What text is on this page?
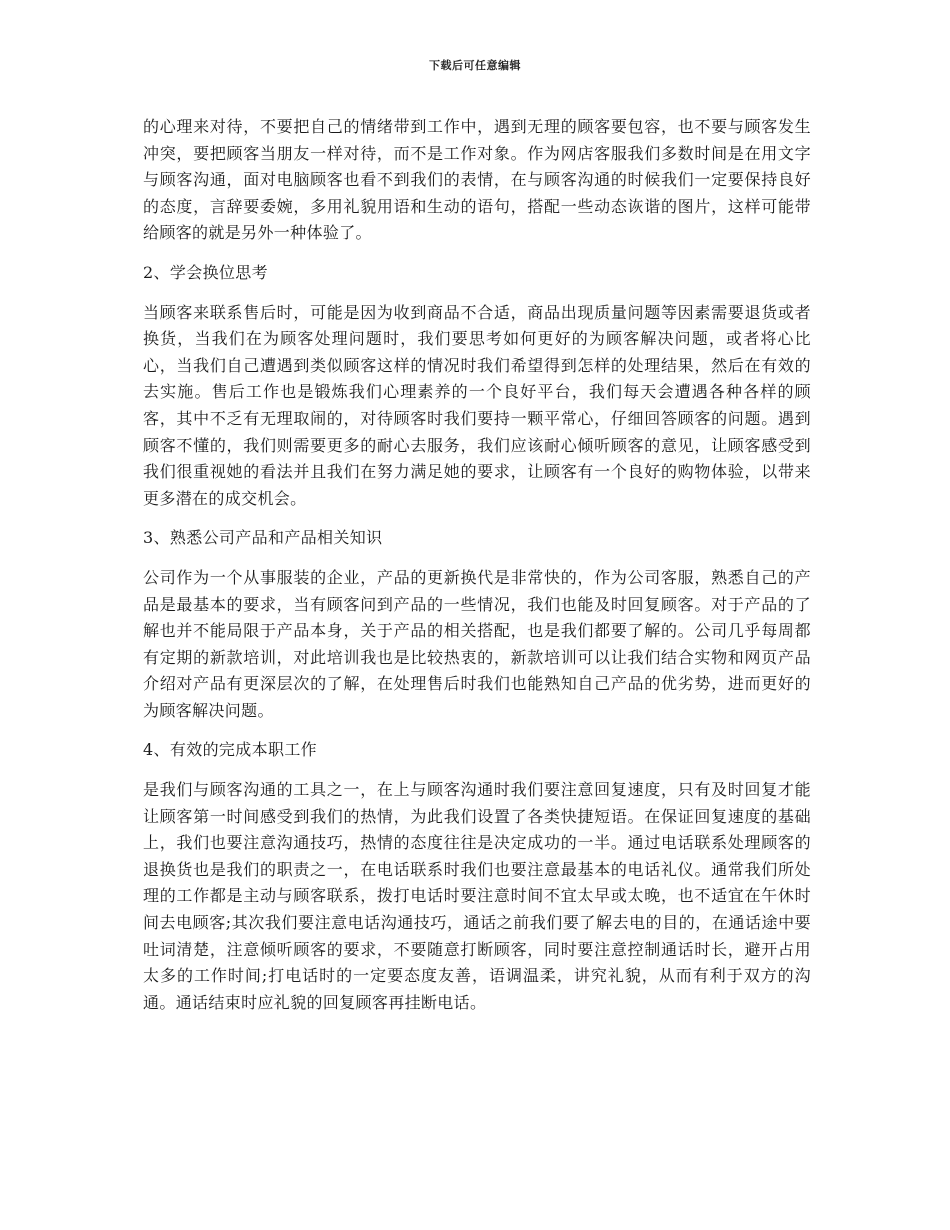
下载后可任意编辑

的心理来对待，不要把自己的情绪带到工作中，遇到无理的顾客要包容，也不要与顾客发生冲突，要把顾客当朋友一样对待，而不是工作对象。作为网店客服我们多数时间是在用文字与顾客沟通，面对电脑顾客也看不到我们的表情，在与顾客沟通的时候我们一定要保持良好的态度，言辞要委婉，多用礼貌用语和生动的语句，搭配一些动态诙谐的图片，这样可能带给顾客的就是另外一种体验了。

2、学会换位思考

当顾客来联系售后时，可能是因为收到商品不合适，商品出现质量问题等因素需要退货或者换货，当我们在为顾客处理问题时，我们要思考如何更好的为顾客解决问题，或者将心比心，当我们自己遭遇到类似顾客这样的情况时我们希望得到怎样的处理结果，然后在有效的去实施。售后工作也是锻炼我们心理素养的一个良好平台，我们每天会遭遇各种各样的顾客，其中不乏有无理取闹的，对待顾客时我们要持一颗平常心，仔细回答顾客的问题。遇到顾客不懂的，我们则需要更多的耐心去服务，我们应该耐心倾听顾客的意见，让顾客感受到我们很重视她的看法并且我们在努力满足她的要求，让顾客有一个良好的购物体验，以带来更多潜在的成交机会。

3、熟悉公司产品和产品相关知识

公司作为一个从事服装的企业，产品的更新换代是非常快的，作为公司客服，熟悉自己的产品是最基本的要求，当有顾客问到产品的一些情况，我们也能及时回复顾客。对于产品的了解也并不能局限于产品本身，关于产品的相关搭配，也是我们都要了解的。公司几乎每周都有定期的新款培训，对此培训我也是比较热衷的，新款培训可以让我们结合实物和网页产品介绍对产品有更深层次的了解，在处理售后时我们也能熟知自己产品的优劣势，进而更好的为顾客解决问题。

4、有效的完成本职工作

是我们与顾客沟通的工具之一，在上与顾客沟通时我们要注意回复速度，只有及时回复才能让顾客第一时间感受到我们的热情，为此我们设置了各类快捷短语。在保证回复速度的基础上，我们也要注意沟通技巧，热情的态度往往是决定成功的一半。通过电话联系处理顾客的退换货也是我们的职责之一，在电话联系时我们也要注意最基本的电话礼仪。通常我们所处理的工作都是主动与顾客联系，拨打电话时要注意时间不宜太早或太晚，也不适宜在午休时间去电顾客;其次我们要注意电话沟通技巧，通话之前我们要了解去电的目的，在通话途中要吐词清楚，注意倾听顾客的要求，不要随意打断顾客，同时要注意控制通话时长，避开占用太多的工作时间;打电话时的一定要态度友善，语调温柔，讲究礼貌，从而有利于双方的沟通。通话结束时应礼貌的回复顾客再挂断电话。
